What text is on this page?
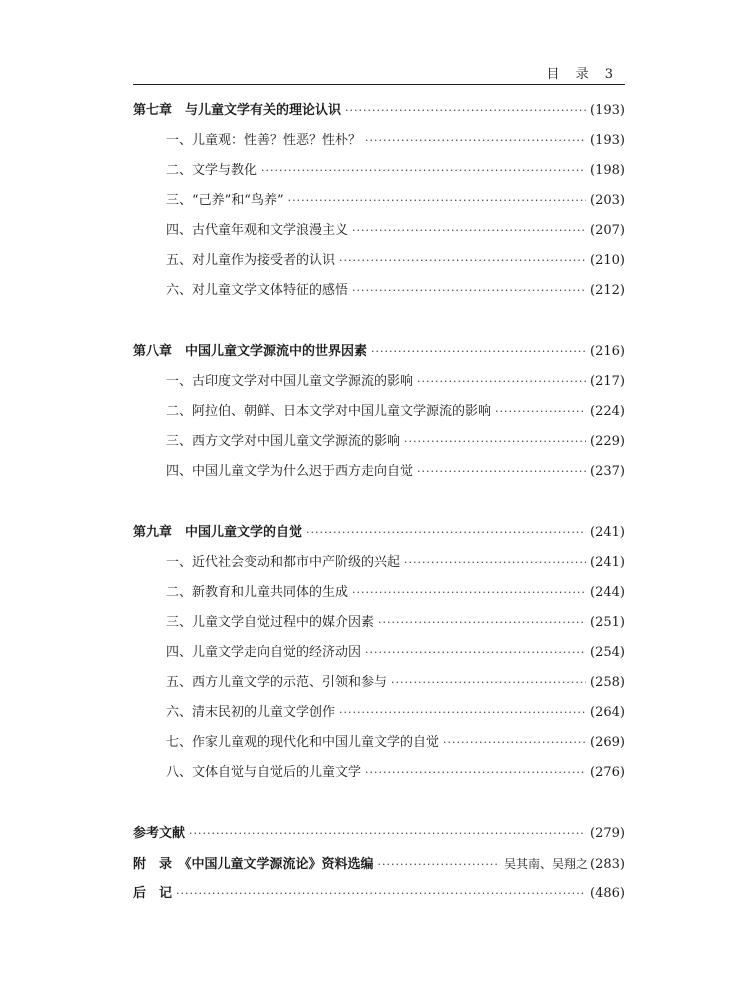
目 录 3
第七章　与儿童文学有关的理论认识 ·····	(193)
一、儿童观：性善？性恶？性朴？ ·····	(193)
二、文学与教化 ·····	(198)
三、“己养”和“鸟养” ·····	(203)
四、古代童年观和文学浪漫主义 ·····	(207)
五、对儿童作为接受者的认识 ·····	(210)
六、对儿童文学文体特征的感悟 ·····	(212)
第八章　中国儿童文学源流中的世界因素 ·····	(216)
一、古印度文学对中国儿童文学源流的影响 ·····	(217)
二、阿拉伯、朝鲜、日本文学对中国儿童文学源流的影响 ·····	(224)
三、西方文学对中国儿童文学源流的影响 ·····	(229)
四、中国儿童文学为什么迟于西方走向自觉 ·····	(237)
第九章　中国儿童文学的自觉 ·····	(241)
一、近代社会变动和都市中产阶级的兴起 ·····	(241)
二、新教育和儿童共同体的生成 ·····	(244)
三、儿童文学自觉过程中的媒介因素 ·····	(251)
四、儿童文学走向自觉的经济动因 ·····	(254)
五、西方儿童文学的示范、引领和参与 ·····	(258)
六、清末民初的儿童文学创作 ·····	(264)
七、作家儿童观的现代化和中国儿童文学的自觉 ·····	(269)
八、文体自觉与自觉后的儿童文学 ·····	(276)
参考文献 ·····	(279)
附　录　《中国儿童文学源流论》资料选编 ·····	吴其南、吴翔之 (283)
后　记 ·····	(486)
